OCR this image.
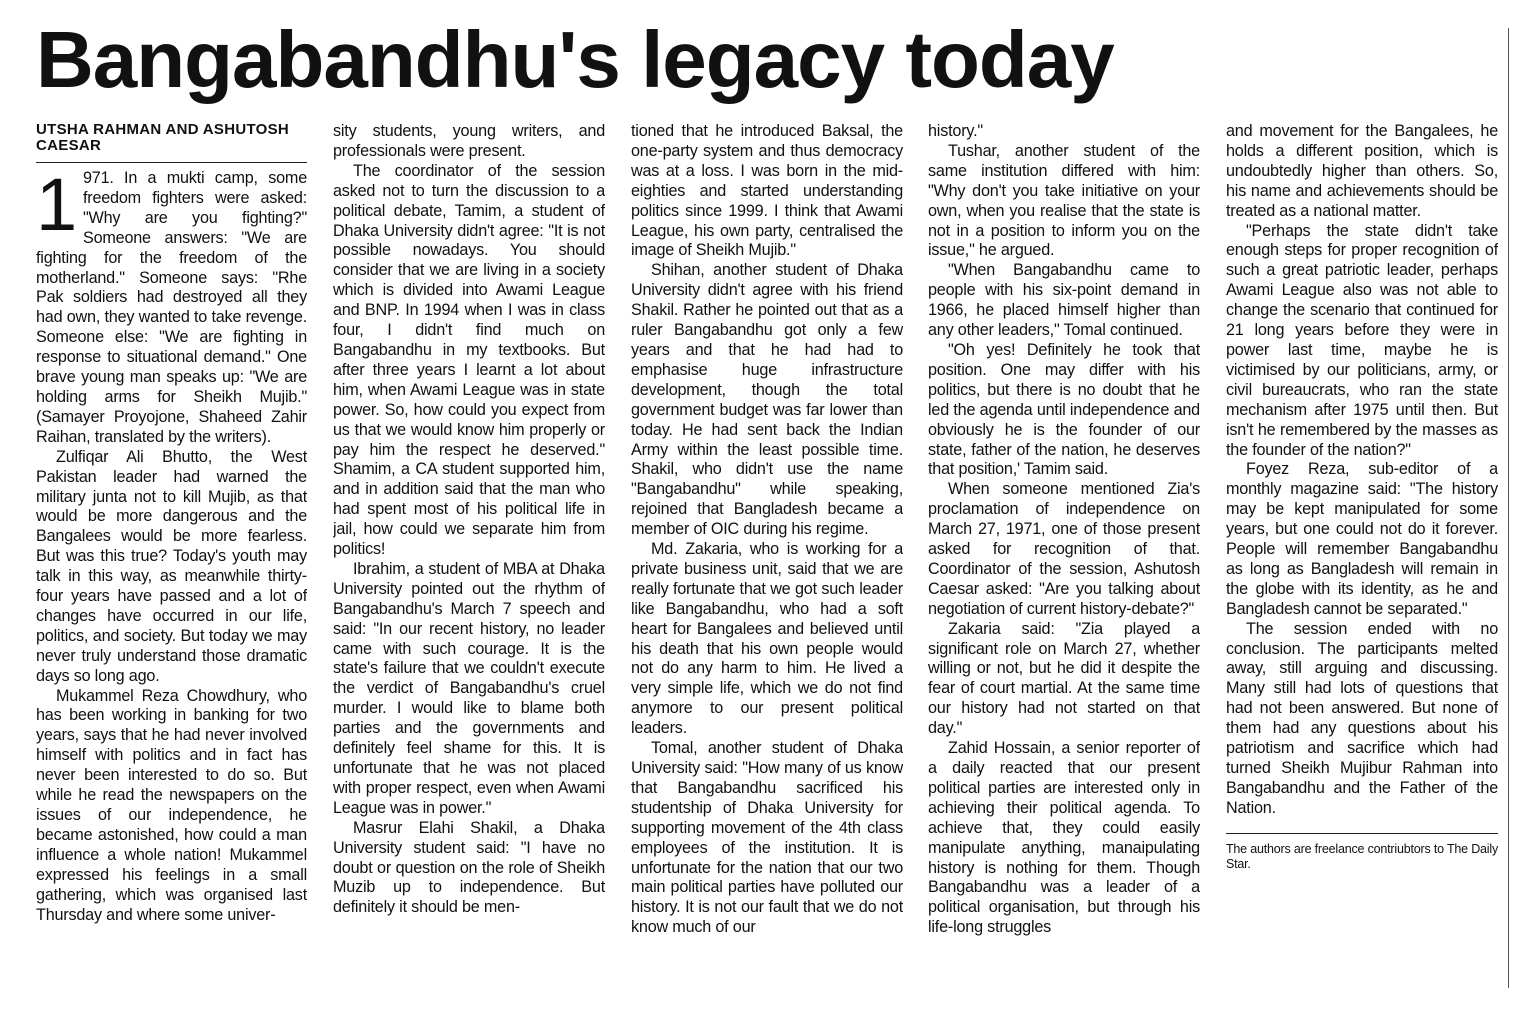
Bangabandhu's legacy today
UTSHA RAHMAN AND ASHUTOSH CAESAR
1 971. In a mukti camp, some freedom fighters were asked: "Why are you fighting?" Someone answers: "We are fighting for the freedom of the motherland." Someone says: "Rhe Pak soldiers had destroyed all they had own, they wanted to take revenge. Someone else: "We are fighting in response to situational demand." One brave young man speaks up: "We are holding arms for Sheikh Mujib." (Samayer Proyojone, Shaheed Zahir Raihan, translated by the writers).

Zulfiqar Ali Bhutto, the West Pakistan leader had warned the military junta not to kill Mujib, as that would be more dangerous and the Bangalees would be more fearless. But was this true? Today's youth may talk in this way, as meanwhile thirty-four years have passed and a lot of changes have occurred in our life, politics, and society. But today we may never truly understand those dramatic days so long ago.

Mukammel Reza Chowdhury, who has been working in banking for two years, says that he had never involved himself with politics and in fact has never been interested to do so. But while he read the newspapers on the issues of our independence, he became astonished, how could a man influence a whole nation! Mukammel expressed his feelings in a small gathering, which was organised last Thursday and where some univer-

sity students, young writers, and professionals were present.

The coordinator of the session asked not to turn the discussion to a political debate, Tamim, a student of Dhaka University didn't agree: "It is not possible nowadays. You should consider that we are living in a society which is divided into Awami League and BNP. In 1994 when I was in class four, I didn't find much on Bangabandhu in my textbooks. But after three years I learnt a lot about him, when Awami League was in state power. So, how could you expect from us that we would know him properly or pay him the respect he deserved." Shamim, a CA student supported him, and in addition said that the man who had spent most of his political life in jail, how could we separate him from politics!

Ibrahim, a student of MBA at Dhaka University pointed out the rhythm of Bangabandhu's March 7 speech and said: "In our recent history, no leader came with such courage. It is the state's failure that we couldn't execute the verdict of Bangabandhu's cruel murder. I would like to blame both parties and the governments and definitely feel shame for this. It is unfortunate that he was not placed with proper respect, even when Awami League was in power."

Masrur Elahi Shakil, a Dhaka University student said: "I have no doubt or question on the role of Sheikh Muzib up to independence. But definitely it should be men-

tioned that he introduced Baksal, the one-party system and thus democracy was at a loss. I was born in the mid-eighties and started understanding politics since 1999. I think that Awami League, his own party, centralised the image of Sheikh Mujib."

Shihan, another student of Dhaka University didn't agree with his friend Shakil. Rather he pointed out that as a ruler Bangabandhu got only a few years and that he had had to emphasise huge infrastructure development, though the total government budget was far lower than today. He had sent back the Indian Army within the least possible time. Shakil, who didn't use the name "Bangabandhu" while speaking, rejoined that Bangladesh became a member of OIC during his regime.

Md. Zakaria, who is working for a private business unit, said that we are really fortunate that we got such leader like Bangabandhu, who had a soft heart for Bangalees and believed until his death that his own people would not do any harm to him. He lived a very simple life, which we do not find anymore to our present political leaders.

Tomal, another student of Dhaka University said: "How many of us know that Bangabandhu sacrificed his studentship of Dhaka University for supporting movement of the 4th class employees of the institution. It is unfortunate for the nation that our two main political parties have polluted our history. It is not our fault that we do not know much of our

history."

Tushar, another student of the same institution differed with him: "Why don't you take initiative on your own, when you realise that the state is not in a position to inform you on the issue," he argued.

"When Bangabandhu came to people with his six-point demand in 1966, he placed himself higher than any other leaders," Tomal continued.

"Oh yes! Definitely he took that position. One may differ with his politics, but there is no doubt that he led the agenda until independence and obviously he is the founder of our state, father of the nation, he deserves that position,' Tamim said.

When someone mentioned Zia's proclamation of independence on March 27, 1971, one of those present asked for recognition of that. Coordinator of the session, Ashutosh Caesar asked: "Are you talking about negotiation of current history-debate?"

Zakaria said: "Zia played a significant role on March 27, whether willing or not, but he did it despite the fear of court martial. At the same time our history had not started on that day."

Zahid Hossain, a senior reporter of a daily reacted that our present political parties are interested only in achieving their political agenda. To achieve that, they could easily manipulate anything, manaipulating history is nothing for them. Though Bangabandhu was a leader of a political organisation, but through his life-long struggles

and movement for the Bangalees, he holds a different position, which is undoubtedly higher than others. So, his name and achievements should be treated as a national matter.

"Perhaps the state didn't take enough steps for proper recognition of such a great patriotic leader, perhaps Awami League also was not able to change the scenario that continued for 21 long years before they were in power last time, maybe he is victimised by our politicians, army, or civil bureaucrats, who ran the state mechanism after 1975 until then. But isn't he remembered by the masses as the founder of the nation?"

Foyez Reza, sub-editor of a monthly magazine said: "The history may be kept manipulated for some years, but one could not do it forever. People will remember Bangabandhu as long as Bangladesh will remain in the globe with its identity, as he and Bangladesh cannot be separated."

The session ended with no conclusion. The participants melted away, still arguing and discussing. Many still had lots of questions that had not been answered. But none of them had any questions about his patriotism and sacrifice which had turned Sheikh Mujibur Rahman into Bangabandhu and the Father of the Nation.

The authors are freelance contriubtors to The Daily Star.
